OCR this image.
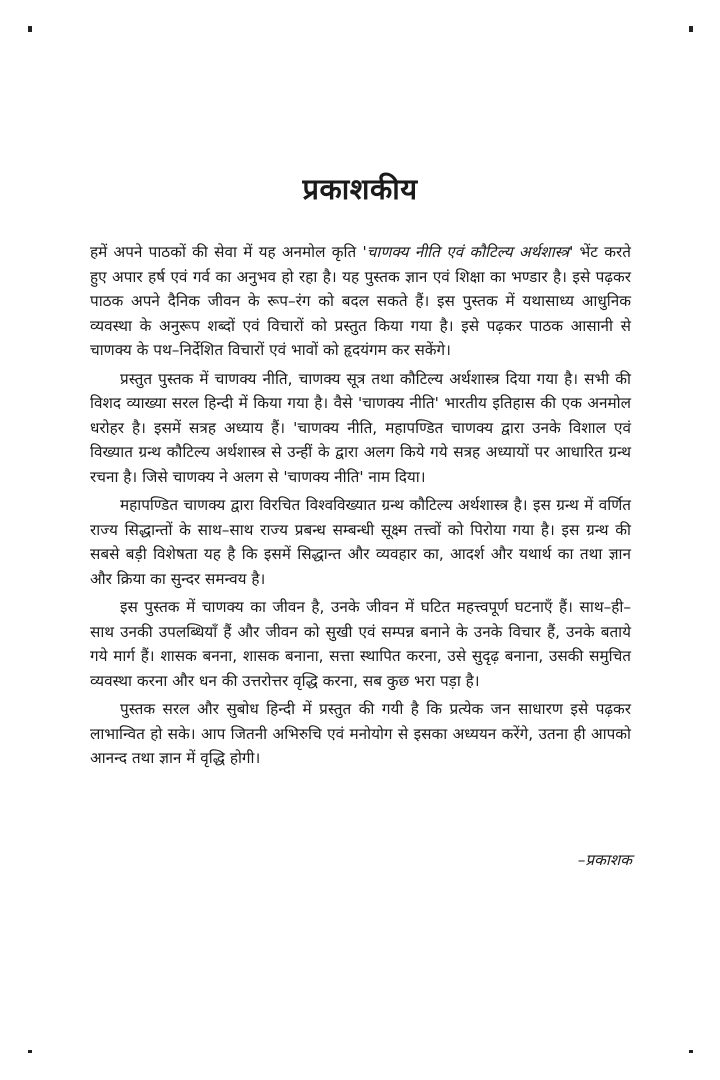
प्रकाशकीय

हमें अपने पाठकों की सेवा में यह अनमोल कृति 'चाणक्य नीति एवं कौटिल्य अर्थशास्त्र' भेंट करते हुए अपार हर्ष एवं गर्व का अनुभव हो रहा है। यह पुस्तक ज्ञान एवं शिक्षा का भण्डार है। इसे पढ़कर पाठक अपने दैनिक जीवन के रूप–रंग को बदल सकते हैं। इस पुस्तक में यथासाध्य आधुनिक व्यवस्था के अनुरूप शब्दों एवं विचारों को प्रस्तुत किया गया है। इसे पढ़कर पाठक आसानी से चाणक्य के पथ–निर्देशित विचारों एवं भावों को हृदयंगम कर सकेंगे।

प्रस्तुत पुस्तक में चाणक्य नीति, चाणक्य सूत्र तथा कौटिल्य अर्थशास्त्र दिया गया है। सभी की विशद व्याख्या सरल हिन्दी में किया गया है। वैसे 'चाणक्य नीति' भारतीय इतिहास की एक अनमोल धरोहर है। इसमें सत्रह अध्याय हैं। 'चाणक्य नीति, महापण्डित चाणक्य द्वारा उनके विशाल एवं विख्यात ग्रन्थ कौटिल्य अर्थशास्त्र से उन्हीं के द्वारा अलग किये गये सत्रह अध्यायों पर आधारित ग्रन्थ रचना है। जिसे चाणक्य ने अलग से 'चाणक्य नीति' नाम दिया।

महापण्डित चाणक्य द्वारा विरचित विश्वविख्यात ग्रन्थ कौटिल्य अर्थशास्त्र है। इस ग्रन्थ में वर्णित राज्य सिद्धान्तों के साथ–साथ राज्य प्रबन्ध सम्बन्धी सूक्ष्म तत्त्वों को पिरोया गया है। इस ग्रन्थ की सबसे बड़ी विशेषता यह है कि इसमें सिद्धान्त और व्यवहार का, आदर्श और यथार्थ का तथा ज्ञान और क्रिया का सुन्दर समन्वय है।

इस पुस्तक में चाणक्य का जीवन है, उनके जीवन में घटित महत्त्वपूर्ण घटनाएँ हैं। साथ–ही–साथ उनकी उपलब्धियाँ हैं और जीवन को सुखी एवं सम्पन्न बनाने के उनके विचार हैं, उनके बताये गये मार्ग हैं। शासक बनना, शासक बनाना, सत्ता स्थापित करना, उसे सुदृढ़ बनाना, उसकी समुचित व्यवस्था करना और धन की उत्तरोत्तर वृद्धि करना, सब कुछ भरा पड़ा है।

पुस्तक सरल और सुबोध हिन्दी में प्रस्तुत की गयी है कि प्रत्येक जन साधारण इसे पढ़कर लाभान्वित हो सके। आप जितनी अभिरुचि एवं मनोयोग से इसका अध्ययन करेंगे, उतना ही आपको आनन्द तथा ज्ञान में वृद्धि होगी।

–प्रकाशक
